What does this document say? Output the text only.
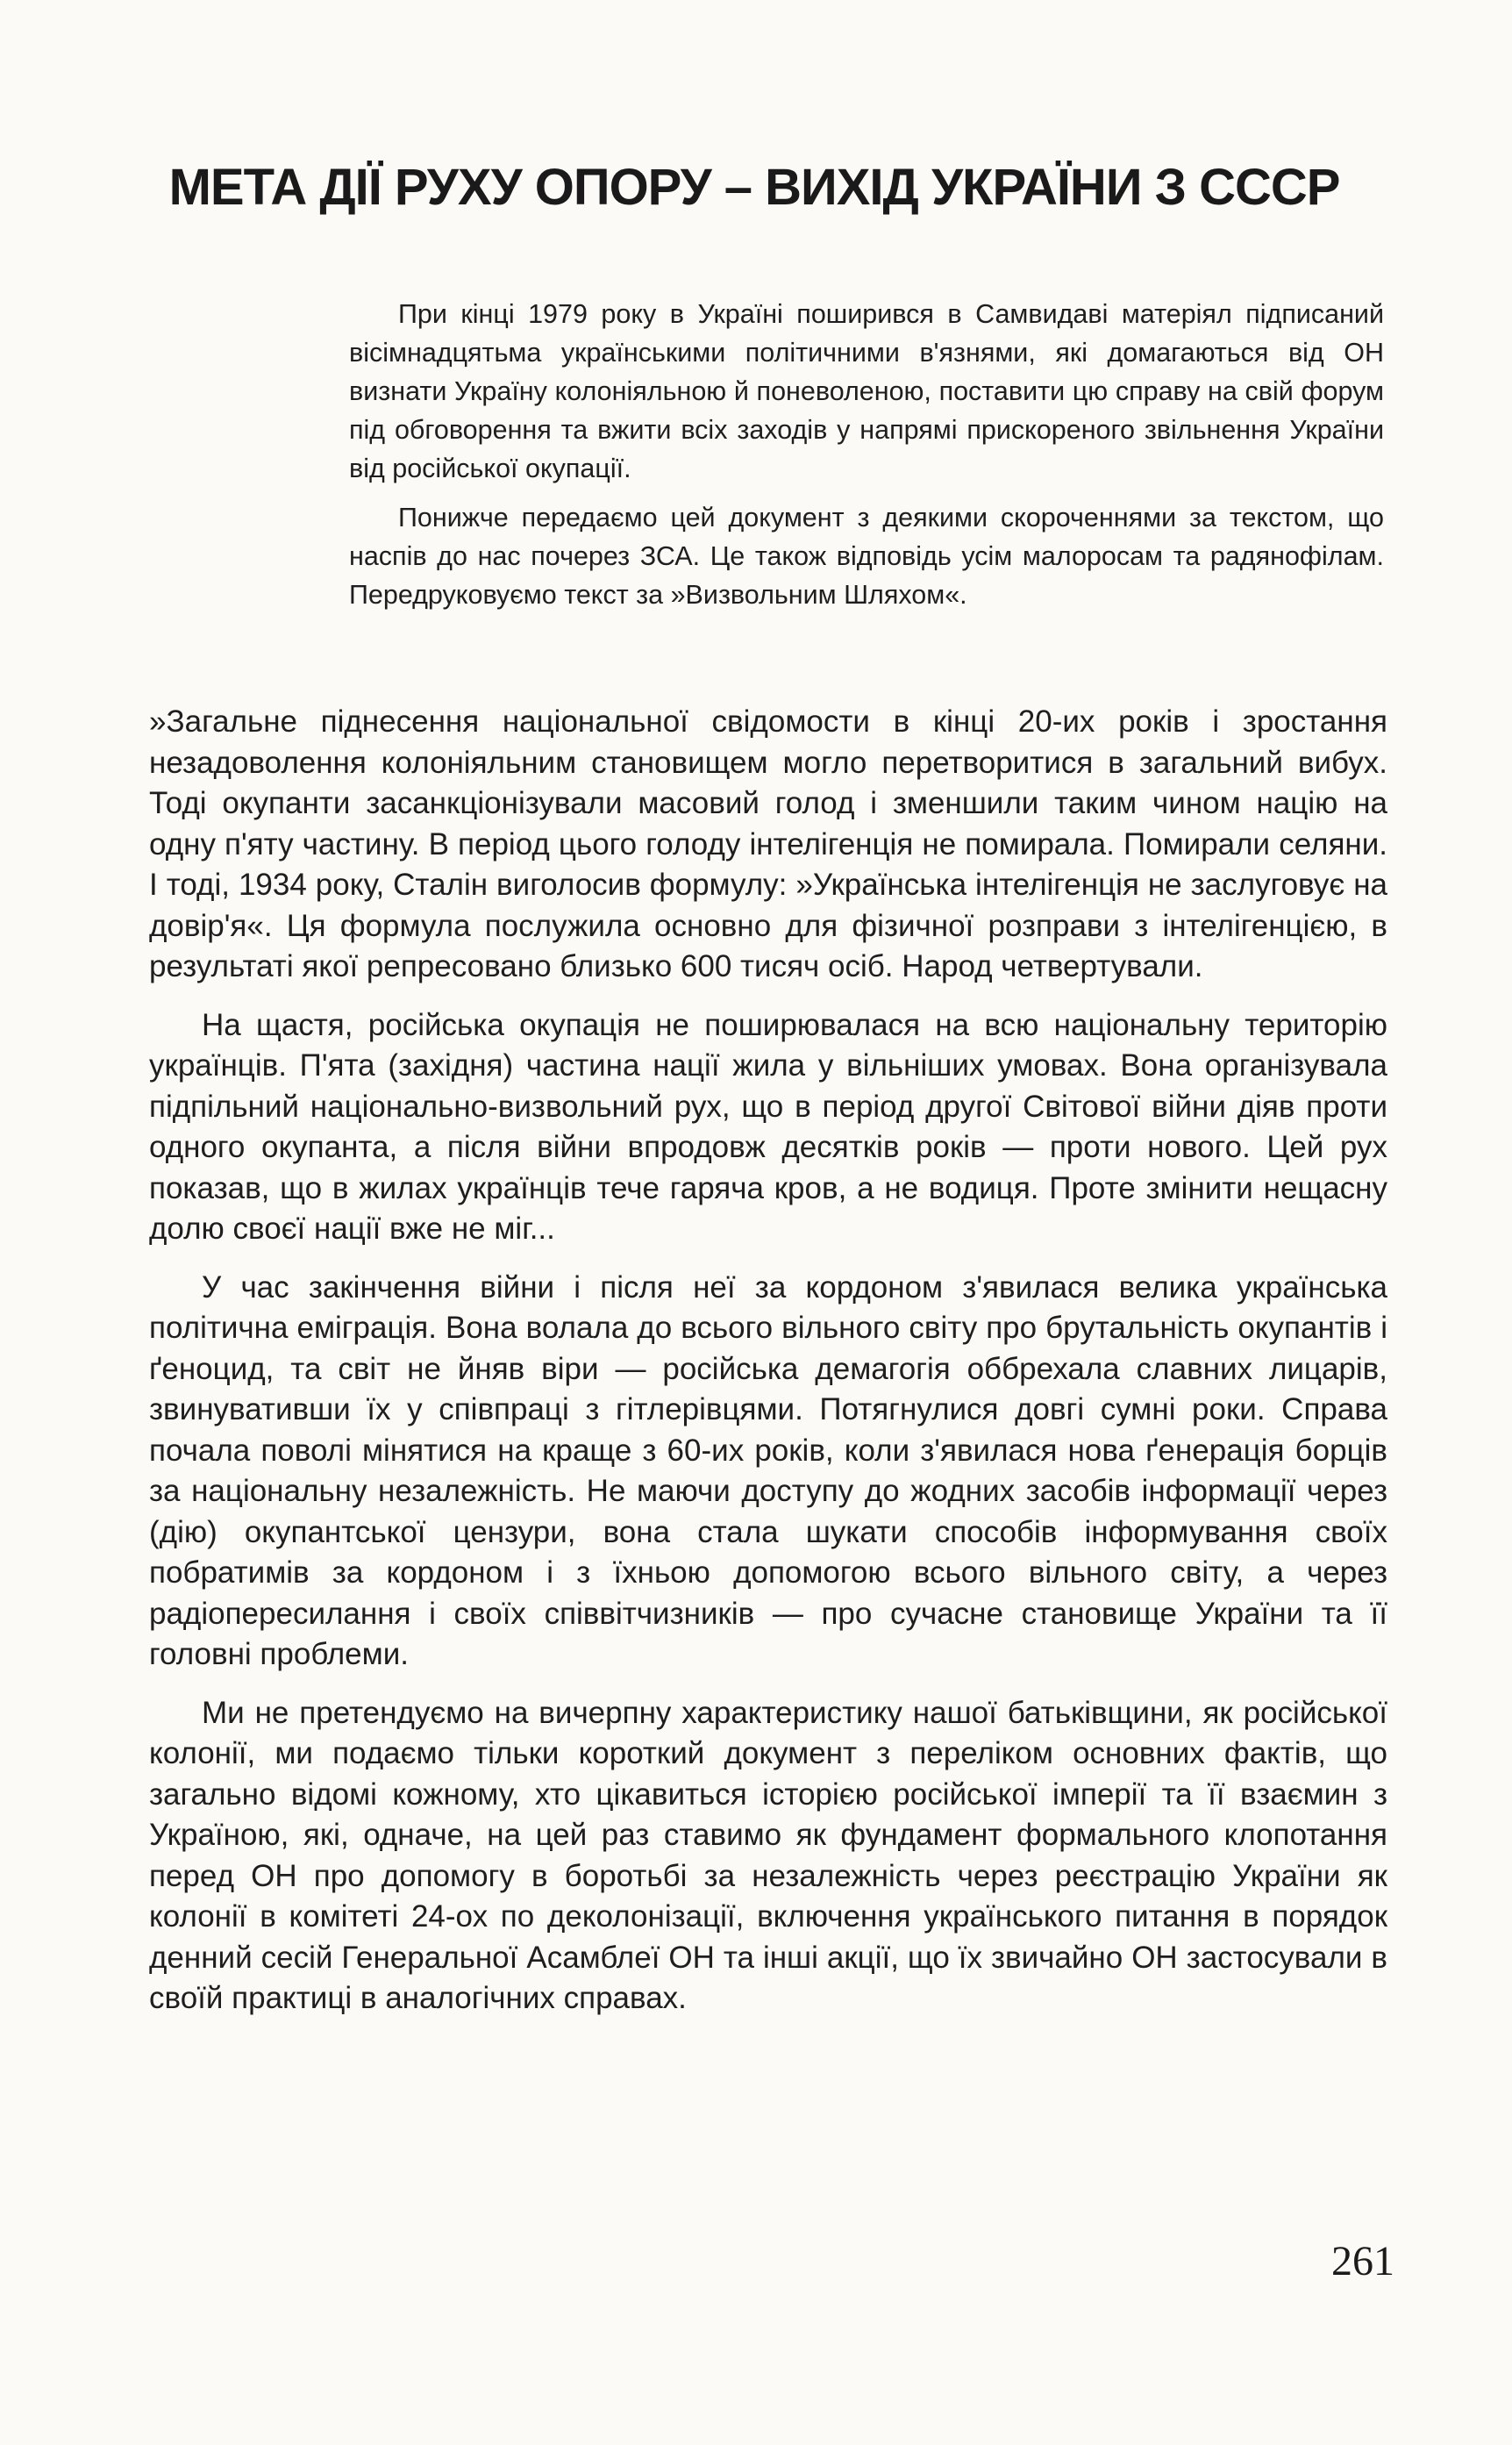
МЕТА ДІЇ РУХУ ОПОРУ – ВИХІД УКРАЇНИ З СССР

При кінці 1979 року в Україні поширився в Самвидаві матеріял підписаний вісімнадцятьма українськими політичними в'язнями, які домагаються від ОН визнати Україну колоніяльною й поневоленою, поставити цю справу на свій форум під обговорення та вжити всіх заходів у напрямі прискореного звільнення України від російської окупації.

Понижче передаємо цей документ з деякими скороченнями за текстом, що наспів до нас почерез ЗСА. Це також відповідь усім малоросам та радянофілам. Передруковуємо текст за »Визвольним Шляхом«.

»Загальне піднесення національної свідомости в кінці 20-их років і зростання незадоволення колоніяльним становищем могло перетворитися в загальний вибух. Тоді окупанти засанкціонізували масовий голод і зменшили таким чином націю на одну п'яту частину. В період цього голоду інтелігенція не помирала. Помирали селяни. І тоді, 1934 року, Сталін виголосив формулу: »Українська інтелігенція не заслуговує на довір'я«. Ця формула послужила основно для фізичної розправи з інтелігенцією, в результаті якої репресовано близько 600 тисяч осіб. Народ четвертували.

На щастя, російська окупація не поширювалася на всю національну територію українців. П'ята (західня) частина нації жила у вільніших умовах. Вона організувала підпільний національно-визвольний рух, що в період другої Світової війни діяв проти одного окупанта, а після війни впродовж десятків років — проти нового. Цей рух показав, що в жилах українців тече гаряча кров, а не водиця. Проте змінити нещасну долю своєї нації вже не міг...

У час закінчення війни і після неї за кордоном з'явилася велика українська політична еміграція. Вона волала до всього вільного світу про брутальність окупантів і ґеноцид, та світ не йняв віри — російська демагогія оббрехала славних лицарів, звинувативши їх у співпраці з гітлерівцями. Потягнулися довгі сумні роки. Справа почала поволі мінятися на краще з 60-их років, коли з'явилася нова ґенерація борців за національну незалежність. Не маючи доступу до жодних засобів інформації через (дію) окупантської цензури, вона стала шукати способів інформування своїх побратимів за кордоном і з їхньою допомогою всього вільного світу, а через радіопересилання і своїх співвітчизників — про сучасне становище України та її головні проблеми.

Ми не претендуємо на вичерпну характеристику нашої батьківщини, як російської колонії, ми подаємо тільки короткий документ з переліком основних фактів, що загально відомі кожному, хто цікавиться історією російської імперії та її взаємин з Україною, які, одначе, на цей раз ставимо як фундамент формального клопотання перед ОН про допомогу в боротьбі за незалежність через реєстрацію України як колонії в комітеті 24-ох по деколонізації, включення українського питання в порядок денний сесій Генеральної Асамблеї ОН та інші акції, що їх звичайно ОН застосували в своїй практиці в аналогічних справах.

261
